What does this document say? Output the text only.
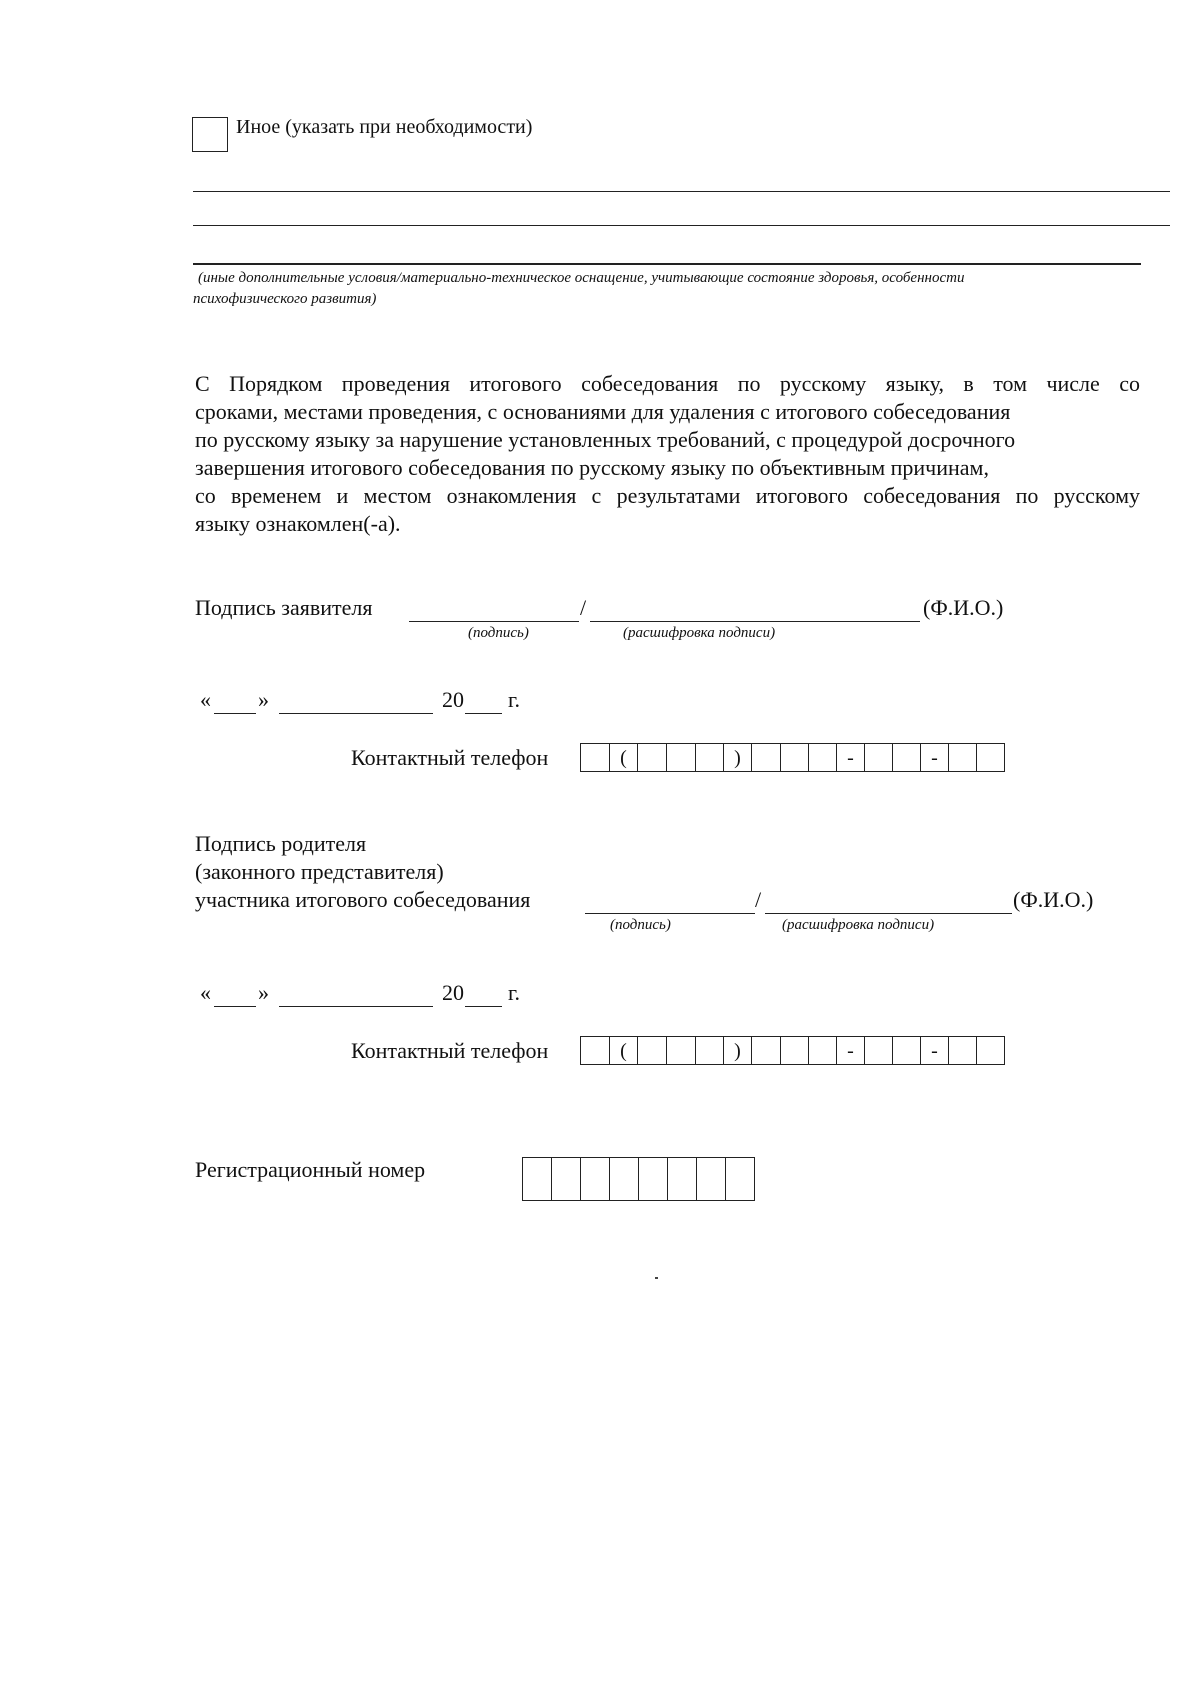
Иное (указать при необходимости)
(иные дополнительные условия/материально-техническое оснащение, учитывающие состояние здоровья, особенности
психофизического развития)
С Порядком проведения итогового собеседования по русскому языку, в том числе со
сроками, местами проведения, с основаниями для удаления с итогового собеседования
по русскому языку за нарушение установленных требований, с процедурой досрочного
завершения итогового собеседования по русскому языку по объективным причинам,
со временем и местом ознакомления с результатами итогового собеседования по русскому
языку ознакомлен(-а).
Подпись заявителя	/	(Ф.И.О.)
(подпись)	(расшифровка подписи)
« »	20 г.
Контактный телефон	(	)	-	-
Подпись родителя
(законного представителя)
участника итогового собеседования	/	(Ф.И.О.)
(подпись)	(расшифровка подписи)
« »	20 г.
Контактный телефон	(	)	-	-
Регистрационный номер
